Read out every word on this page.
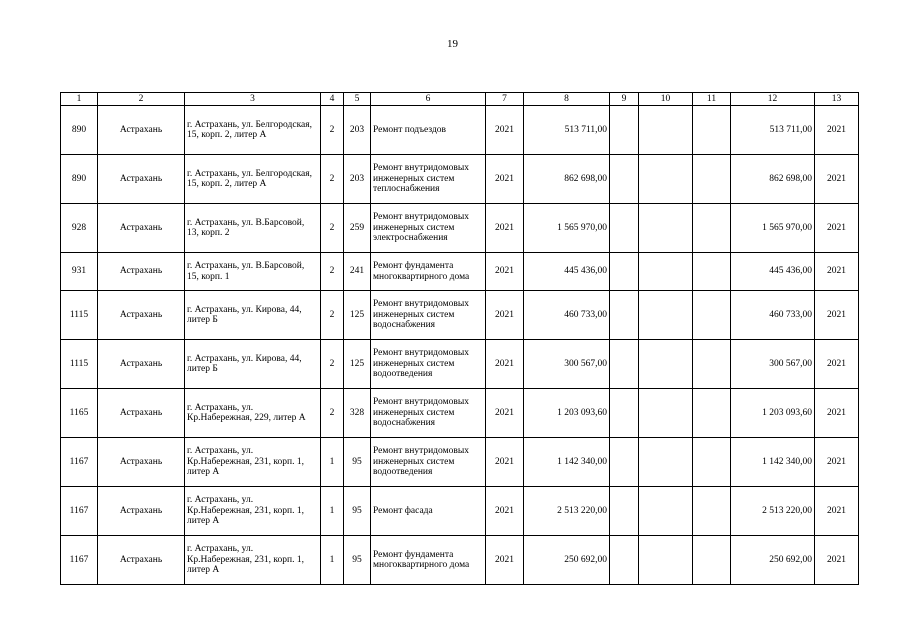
19
1	2	3	4	5	6	7	8	9	10	11	12	13
890	Астрахань	г. Астрахань, ул. Белгородская, 15, корп. 2, литер А	2	203	Ремонт подъездов	2021	513 711,00				513 711,00	2021
890	Астрахань	г. Астрахань, ул. Белгородская, 15, корп. 2, литер А	2	203	Ремонт внутридомовых инженерных систем теплоснабжения	2021	862 698,00				862 698,00	2021
928	Астрахань	г. Астрахань, ул. В.Барсовой, 13, корп. 2	2	259	Ремонт внутридомовых инженерных систем электроснабжения	2021	1 565 970,00				1 565 970,00	2021
931	Астрахань	г. Астрахань, ул. В.Барсовой, 15, корп. 1	2	241	Ремонт фундамента многоквартирного дома	2021	445 436,00				445 436,00	2021
1115	Астрахань	г. Астрахань, ул. Кирова, 44, литер Б	2	125	Ремонт внутридомовых инженерных систем водоснабжения	2021	460 733,00				460 733,00	2021
1115	Астрахань	г. Астрахань, ул. Кирова, 44, литер Б	2	125	Ремонт внутридомовых инженерных систем водоотведения	2021	300 567,00				300 567,00	2021
1165	Астрахань	г. Астрахань, ул. Кр.Набережная, 229, литер А	2	328	Ремонт внутридомовых инженерных систем водоснабжения	2021	1 203 093,60				1 203 093,60	2021
1167	Астрахань	г. Астрахань, ул. Кр.Набережная, 231, корп. 1, литер А	1	95	Ремонт внутридомовых инженерных систем водоотведения	2021	1 142 340,00				1 142 340,00	2021
1167	Астрахань	г. Астрахань, ул. Кр.Набережная, 231, корп. 1, литер А	1	95	Ремонт фасада	2021	2 513 220,00				2 513 220,00	2021
1167	Астрахань	г. Астрахань, ул. Кр.Набережная, 231, корп. 1, литер А	1	95	Ремонт фундамента многоквартирного дома	2021	250 692,00				250 692,00	2021
